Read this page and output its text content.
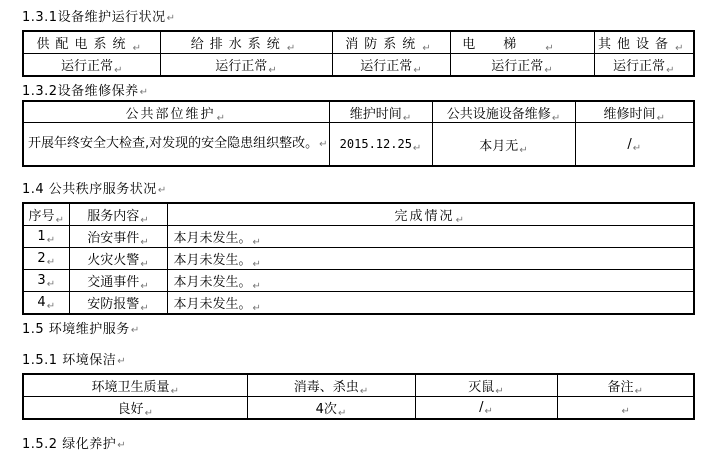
1.3.1设备维护运行状况↵
供配电系统$_↵$	给排水系统$_↵$	消防系统$_↵$	电梯$_↵$	其他设备$_↵$
运行正常$_↵$	运行正常$_↵$	运行正常$_↵$	运行正常$_↵$	运行正常$_↵$
1.3.2设备维修保养↵
公共部位维护$_↵$	维护时间$_↵$	公共设施设备维修$_↵$	维修时间$_↵$
开展年终安全大检查,对发现的安全隐患组织整改。↵	$2015.12.25_↵$	本月无$_↵$	$/_↵$
1.4 公共秩序服务状况↵
序号$_↵$	服务内容$_↵$	完成情况$_↵$
$1_↵$	治安事件$_↵$	本月未发生。$_↵$
$2_↵$	火灾火警$_↵$	本月未发生。$_↵$
$3_↵$	交通事件$_↵$	本月未发生。$_↵$
$4_↵$	安防报警$_↵$	本月未发生。$_↵$
1.5 环境维护服务↵
1.5.1 环境保洁↵
环境卫生质量$_↵$	消毒、杀虫$_↵$	灭鼠$_↵$	备注$_↵$
良好$_↵$	4次$_↵$	$/_↵$	$_↵$
1.5.2 绿化养护↵
